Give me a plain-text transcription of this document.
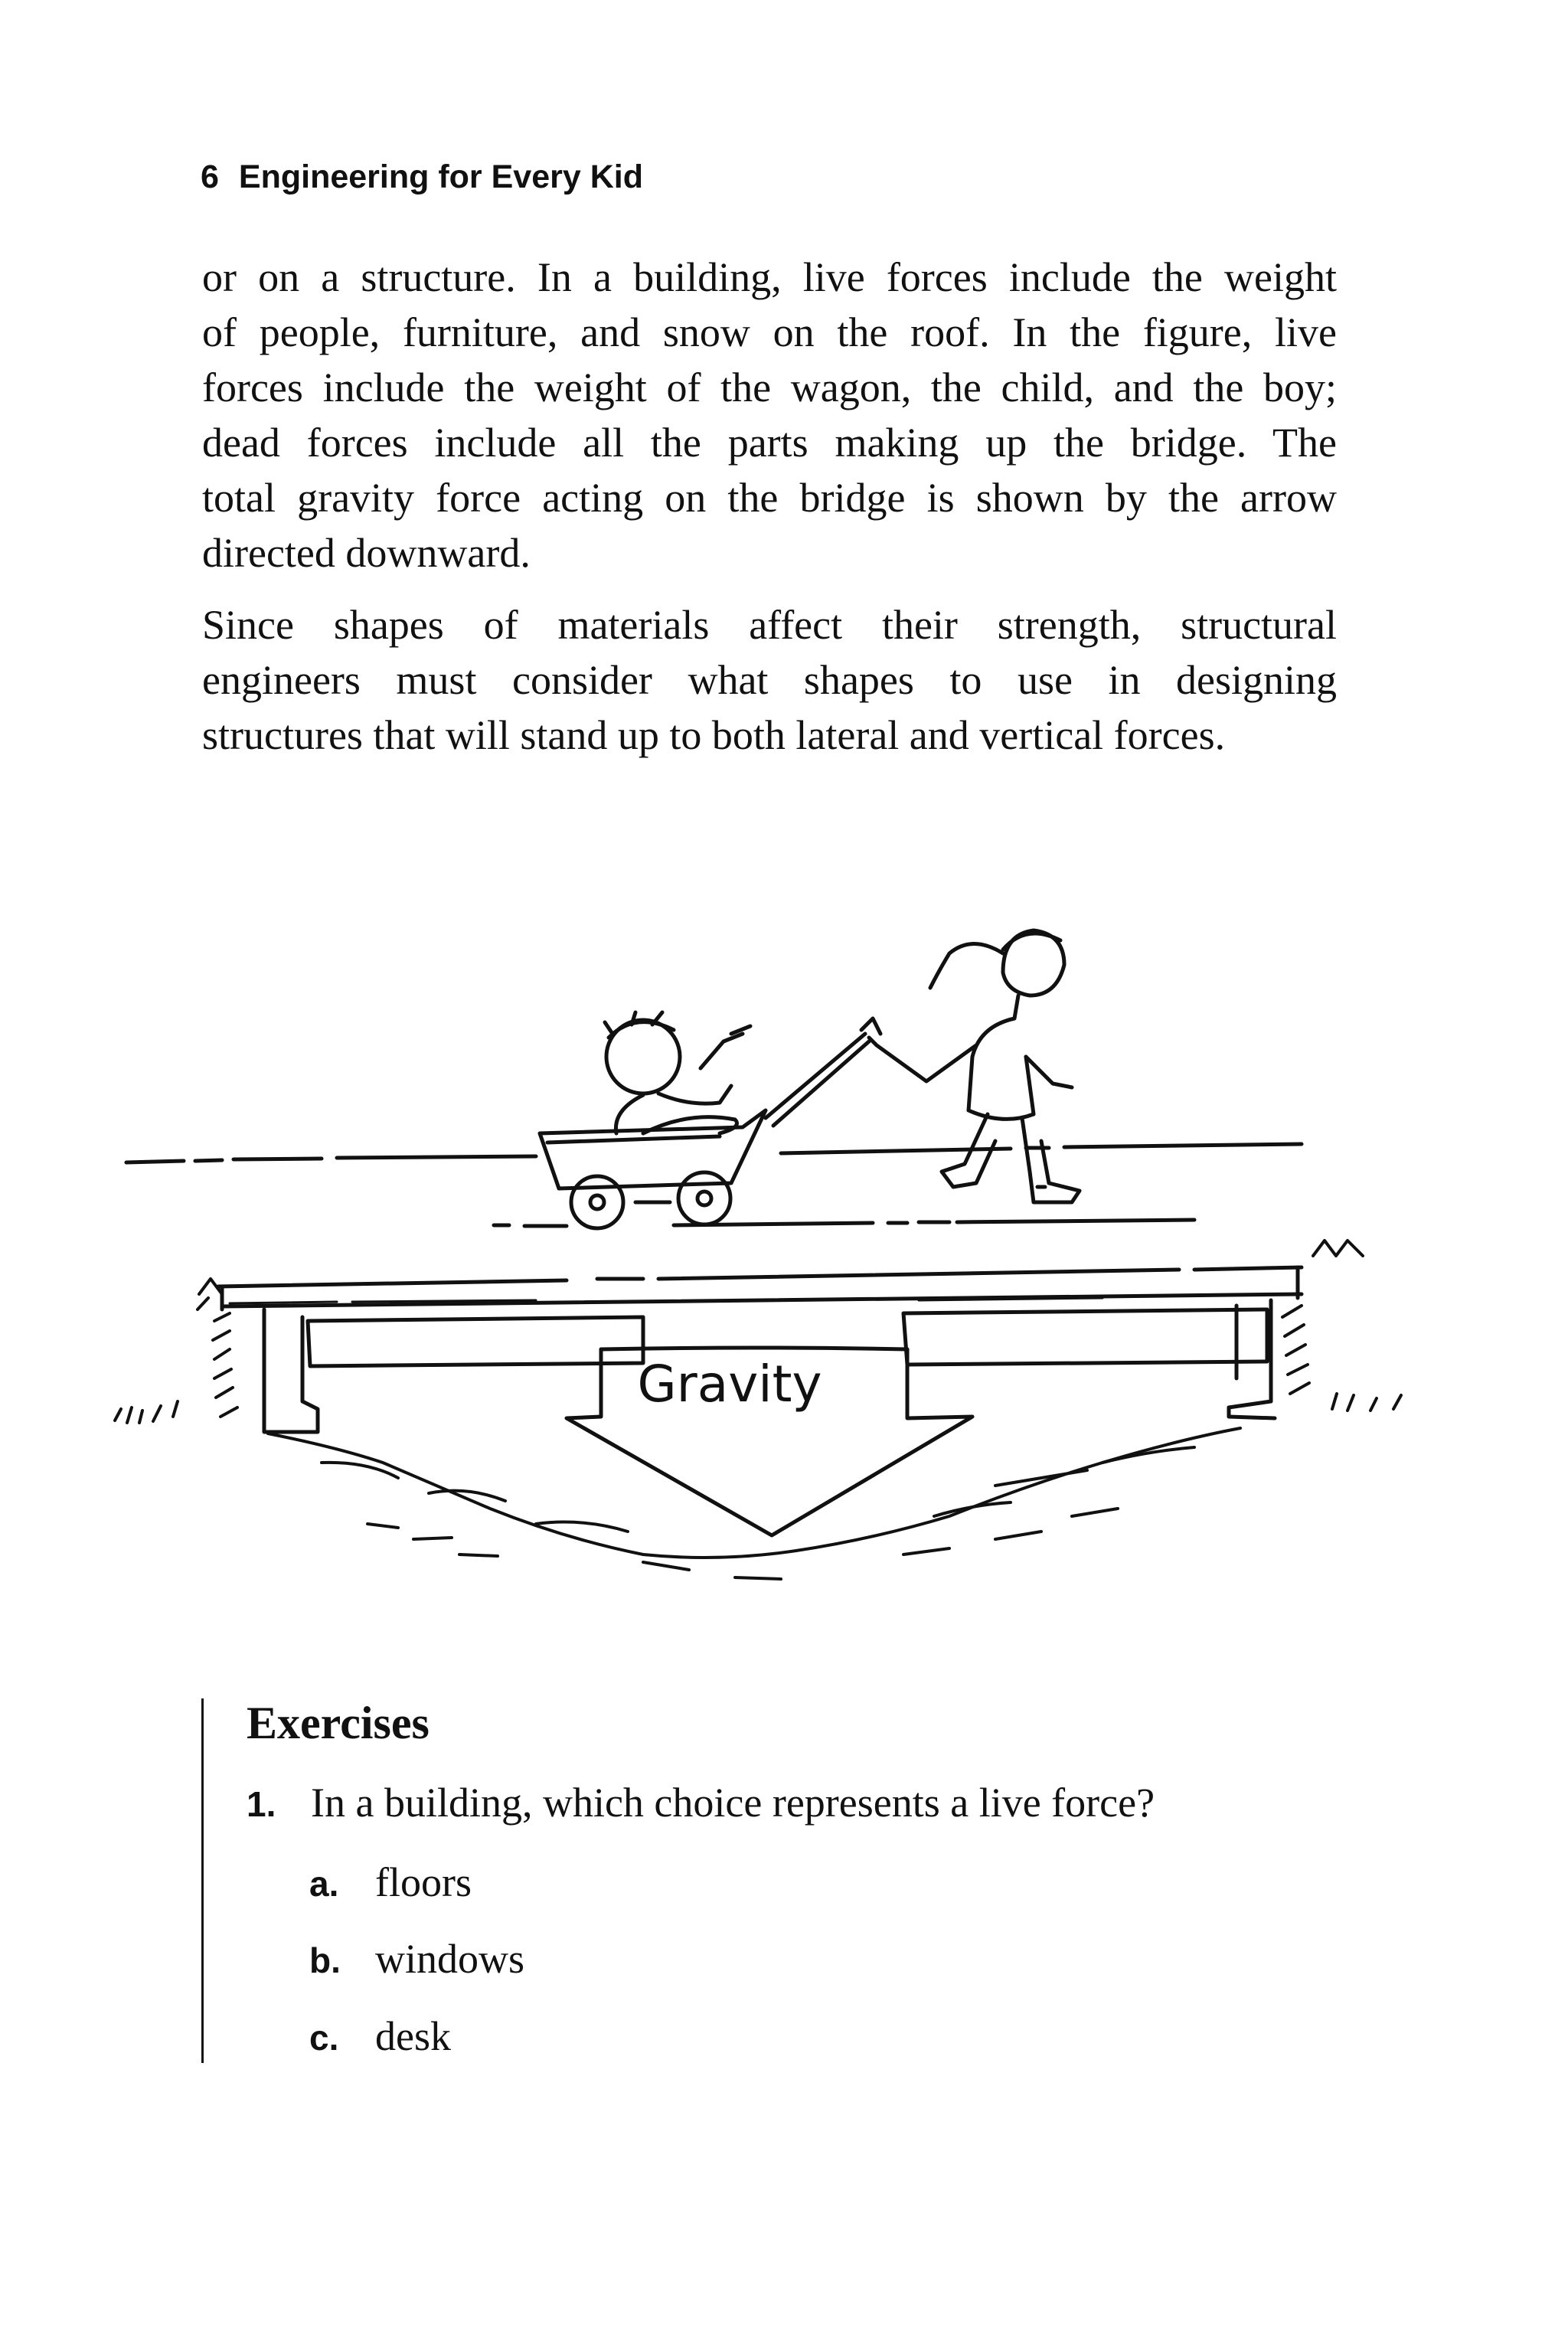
6 Engineering for Every Kid
or on a structure. In a building, live forces include the weight
of people, furniture, and snow on the roof. In the figure, live
forces include the weight of the wagon, the child, and the boy;
dead forces include all the parts making up the bridge. The
total gravity force acting on the bridge is shown by the arrow
directed downward.
Since shapes of materials affect their strength, structural
engineers must consider what shapes to use in designing
structures that will stand up to both lateral and vertical forces.
Gravity
Exercises
1. In a building, which choice represents a live force?
a. floors
b. windows
c. desk
